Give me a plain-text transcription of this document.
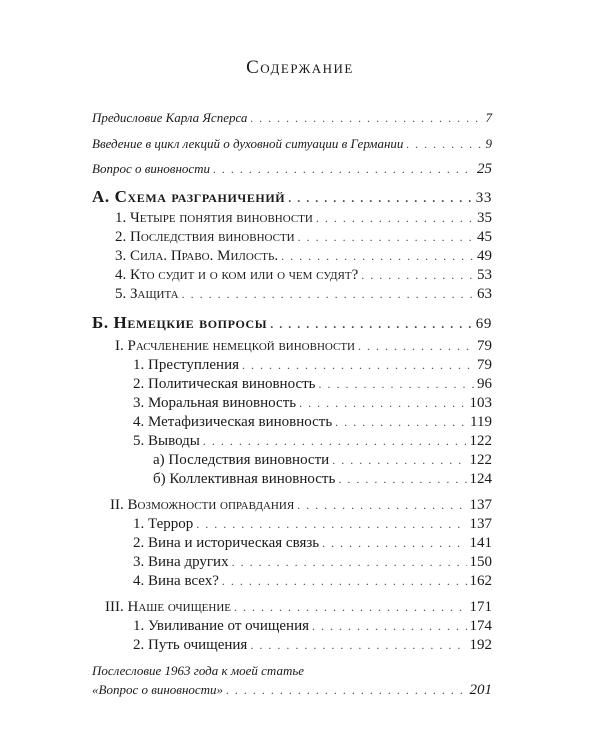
Содержание
Предисловие Карла Ясперса . . .	7
Введение в цикл лекций о духовной ситуации в Германии . . .	9
Вопрос о виновности . . .	25
А. Схема разграничений . . .	33
1. Четыре понятия виновности . . .	35
2. Последствия виновности . . .	45
3. Сила. Право. Милость. . . .	49
4. Кто судит и о ком или о чем судят? . . .	53
5. Защита . . .	63
Б. Немецкие вопросы . . .	69
I. Расчленение немецкой виновности . . .	79
1. Преступления . . .	79
2. Политическая виновность . . .	96
3. Моральная виновность . . .	103
4. Метафизическая виновность . . .	119
5. Выводы . . .	122
а) Последствия виновности . . .	122
б) Коллективная виновность . . .	124
II. Возможности оправдания . . .	137
1. Террор . . .	137
2. Вина и историческая связь . . .	141
3. Вина других . . .	150
4. Вина всех? . . .	162
III. Наше очищение . . .	171
1. Увиливание от очищения . . .	174
2. Путь очищения . . .	192
Послесловие 1963 года к моей статье
«Вопрос о виновности» . . .	201
